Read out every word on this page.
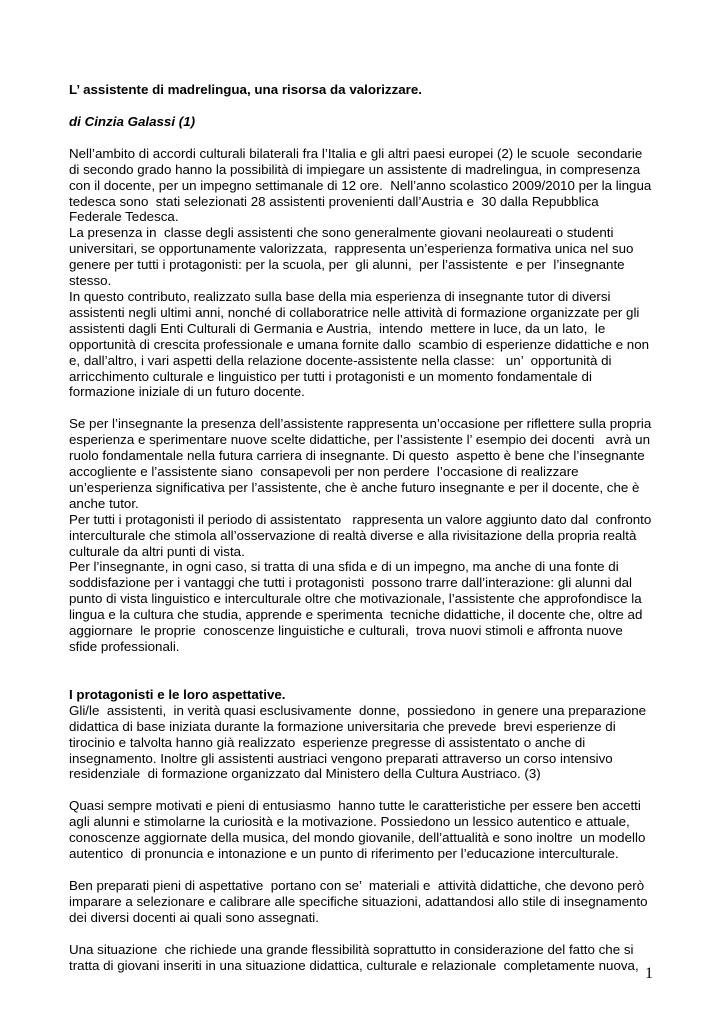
L’ assistente di madrelingua, una risorsa da valorizzare.

di Cinzia Galassi (1)

Nell’ambito di accordi culturali bilaterali fra l’Italia e gli altri paesi europei (2) le scuole  secondarie
di secondo grado hanno la possibilità di impiegare un assistente di madrelingua, in compresenza
con il docente, per un impegno settimanale di 12 ore.  Nell’anno scolastico 2009/2010 per la lingua
tedesca sono  stati selezionati 28 assistenti provenienti dall’Austria e  30 dalla Repubblica
Federale Tedesca.

La presenza in  classe degli assistenti che sono generalmente giovani neolaureati o studenti
universitari, se opportunamente valorizzata,  rappresenta un’esperienza formativa unica nel suo
genere per tutti i protagonisti: per la scuola, per  gli alunni,  per l’assistente  e per  l’insegnante
stesso.

In questo contributo, realizzato sulla base della mia esperienza di insegnante tutor di diversi
assistenti negli ultimi anni, nonché di collaboratrice nelle attività di formazione organizzate per gli
assistenti dagli Enti Culturali di Germania e Austria,  intendo  mettere in luce, da un lato,  le
opportunità di crescita professionale e umana fornite dallo  scambio di esperienze didattiche e non
e, dall’altro, i vari aspetti della relazione docente-assistente nella classe:   un’  opportunità di
arricchimento culturale e linguistico per tutti i protagonisti e un momento fondamentale di
formazione iniziale di un futuro docente.

Se per l’insegnante la presenza dell’assistente rappresenta un’occasione per riflettere sulla propria
esperienza e sperimentare nuove scelte didattiche, per l’assistente l’ esempio dei docenti   avrà un
ruolo fondamentale nella futura carriera di insegnante. Di questo  aspetto è bene che l’insegnante
accogliente e l’assistente siano  consapevoli per non perdere  l’occasione di realizzare
un’esperienza significativa per l’assistente, che è anche futuro insegnante e per il docente, che è
anche tutor.

Per tutti i protagonisti il periodo di assistentato   rappresenta un valore aggiunto dato dal  confronto
interculturale che stimola all’osservazione di realtà diverse e alla rivisitazione della propria realtà
culturale da altri punti di vista.

Per l’insegnante, in ogni caso, si tratta di una sfida e di un impegno, ma anche di una fonte di
soddisfazione per i vantaggi che tutti i protagonisti  possono trarre dall’interazione: gli alunni dal
punto di vista linguistico e interculturale oltre che motivazionale, l’assistente che approfondisce la
lingua e la cultura che studia, apprende e sperimenta  tecniche didattiche, il docente che, oltre ad
aggiornare  le proprie  conoscenze linguistiche e culturali,  trova nuovi stimoli e affronta nuove
sfide professionali.

I protagonisti e le loro aspettative.

Gli/le  assistenti,  in verità quasi esclusivamente  donne,  possiedono  in genere una preparazione
didattica di base iniziata durante la formazione universitaria che prevede  brevi esperienze di
tirocinio e talvolta hanno già realizzato  esperienze pregresse di assistentato o anche di
insegnamento. Inoltre gli assistenti austriaci vengono preparati attraverso un corso intensivo
residenziale  di formazione organizzato dal Ministero della Cultura Austriaco. (3)

Quasi sempre motivati e pieni di entusiasmo  hanno tutte le caratteristiche per essere ben accetti
agli alunni e stimolarne la curiosità e la motivazione. Possiedono un lessico autentico e attuale,
conoscenze aggiornate della musica, del mondo giovanile, dell’attualità e sono inoltre  un modello
autentico  di pronuncia e intonazione e un punto di riferimento per l’educazione interculturale.

Ben preparati pieni di aspettative  portano con se’  materiali e  attività didattiche, che devono però
imparare a selezionare e calibrare alle specifiche situazioni, adattandosi allo stile di insegnamento
dei diversi docenti ai quali sono assegnati.

Una situazione  che richiede una grande flessibilità soprattutto in considerazione del fatto che si
tratta di giovani inseriti in una situazione didattica, culturale e relazionale  completamente nuova, 1
